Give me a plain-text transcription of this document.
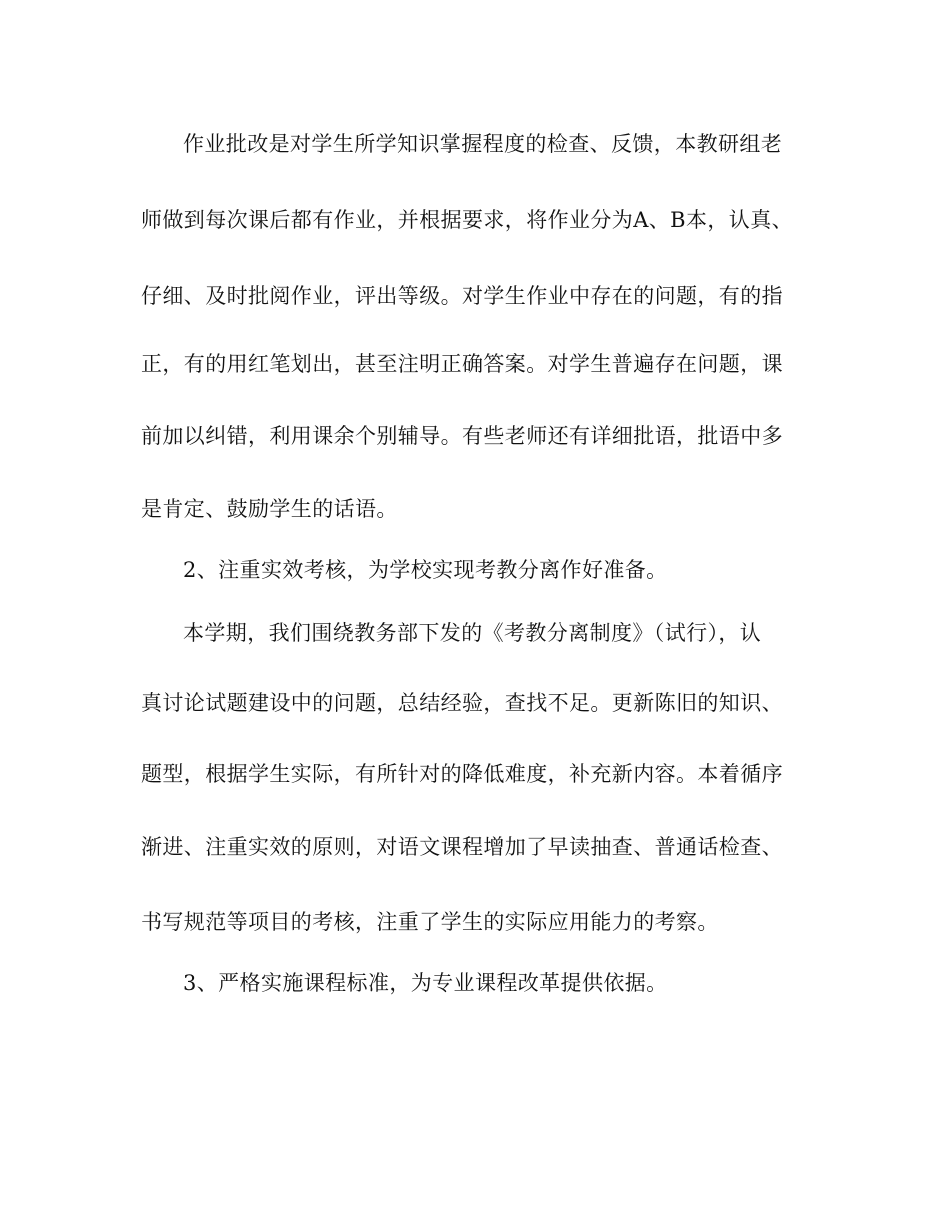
作业批改是对学生所学知识掌握程度的检查、反馈，本教研组老
师做到每次课后都有作业，并根据要求，将作业分为A、B本，认真、
仔细、及时批阅作业，评出等级。对学生作业中存在的问题，有的指
正，有的用红笔划出，甚至注明正确答案。对学生普遍存在问题，课
前加以纠错，利用课余个别辅导。有些老师还有详细批语，批语中多
是肯定、鼓励学生的话语。
2、注重实效考核，为学校实现考教分离作好准备。
本学期，我们围绕教务部下发的《考教分离制度》（试行），认
真讨论试题建设中的问题，总结经验，查找不足。更新陈旧的知识、
题型，根据学生实际，有所针对的降低难度，补充新内容。本着循序
渐进、注重实效的原则，对语文课程增加了早读抽查、普通话检查、
书写规范等项目的考核，注重了学生的实际应用能力的考察。
3、严格实施课程标准，为专业课程改革提供依据。
